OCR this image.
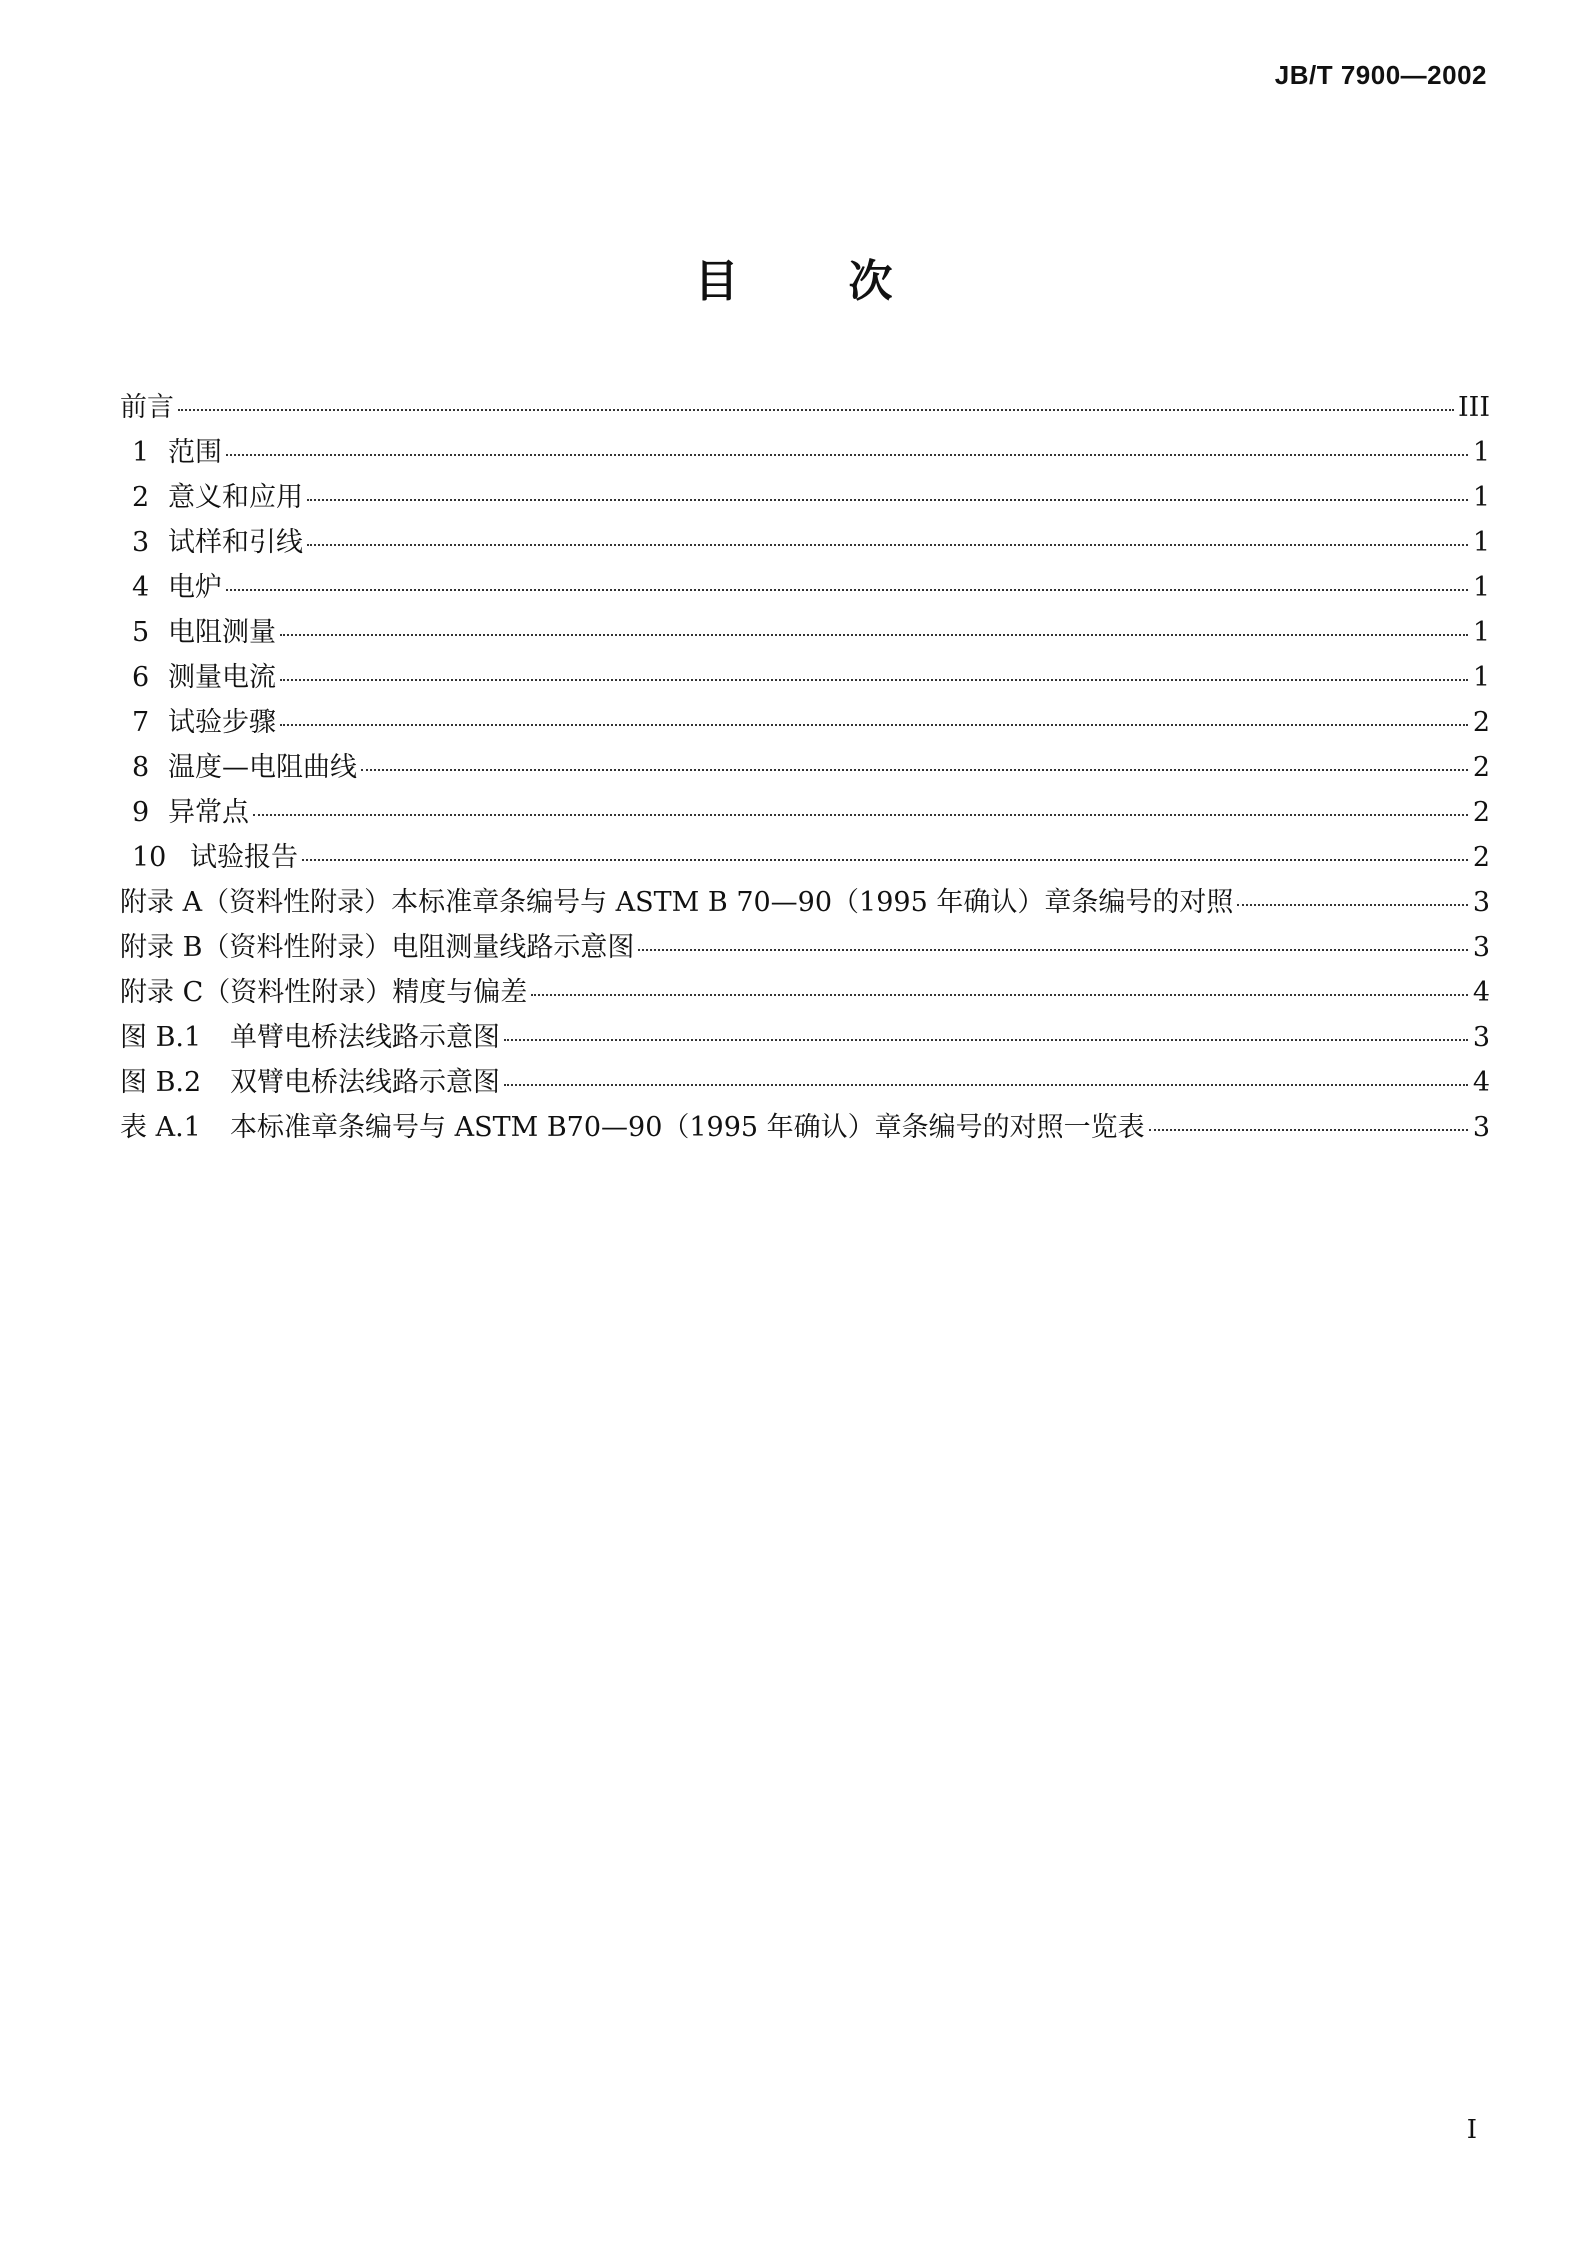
JB/T 7900—2002
目	次
前言	III
1 范围	1
2 意义和应用	1
3 试样和引线	1
4 电炉	1
5 电阻测量	1
6 测量电流	1
7 试验步骤	2
8 温度—电阻曲线	2
9 异常点	2
10 试验报告	2
附录 A（资料性附录）本标准章条编号与 ASTM B 70—90（1995 年确认）章条编号的对照	3
附录 B（资料性附录）电阻测量线路示意图	3
附录 C（资料性附录）精度与偏差	4
图 B.1 单臂电桥法线路示意图	3
图 B.2 双臂电桥法线路示意图	4
表 A.1 本标准章条编号与 ASTM B70—90（1995 年确认）章条编号的对照一览表	3
I
